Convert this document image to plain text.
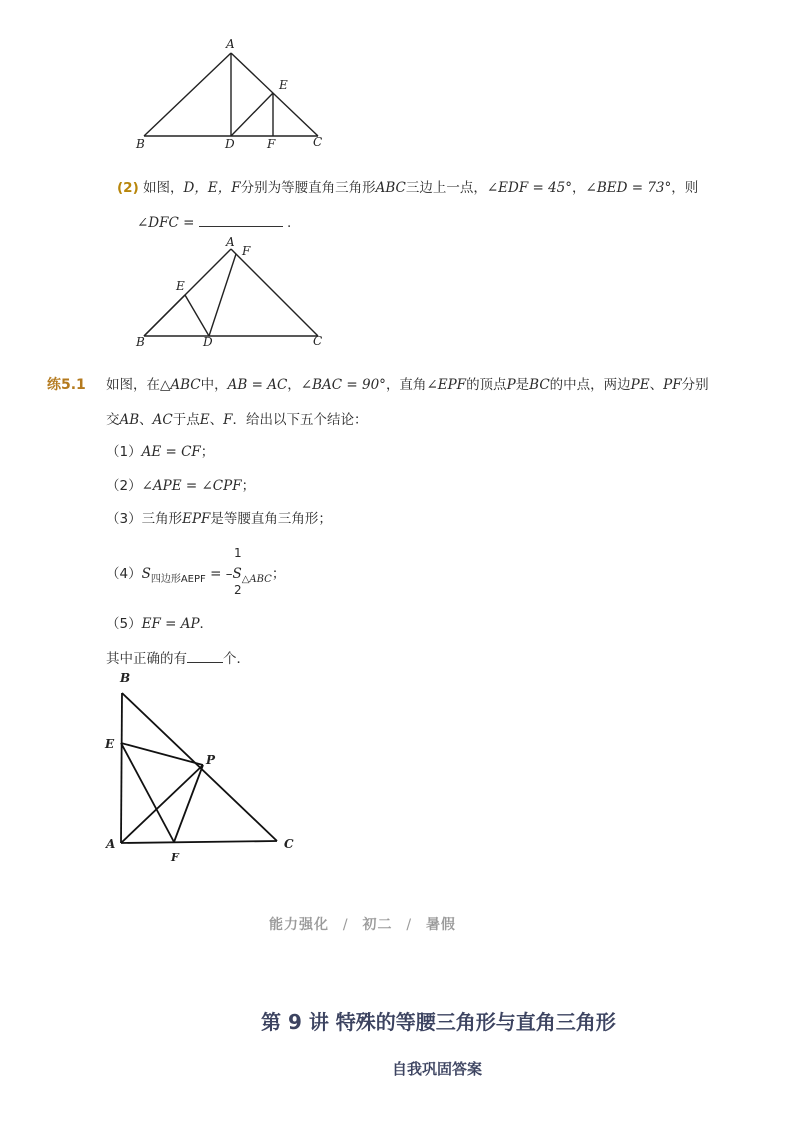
A
B	D	F	C
E
(2) 如图，D，E，F分别为等腰直角三角形ABC三边上一点，∠EDF = 45°，∠BED = 73°，则
∠DFC =	.
A
F
E
B	D	C
练5.1 如图，在△ABC中，AB = AC，∠BAC = 90°，直角∠EPF的顶点P是BC的中点，两边PE、PF分别
交AB、AC于点E、F．给出以下五个结论：
（1）AE = CF；
（2）∠APE = ∠CPF；
（3）三角形EPF是等腰直角三角形；
$(4)S_{四边形AEPF} = -S_{\triangle ABC}$；
1
2
（5）EF = AP．
其中正确的有	个．
B
E
P
A
F
C
能力强化 / 初二 / 暑假
第 9 讲 特殊的等腰三角形与直角三角形
自我巩固答案
